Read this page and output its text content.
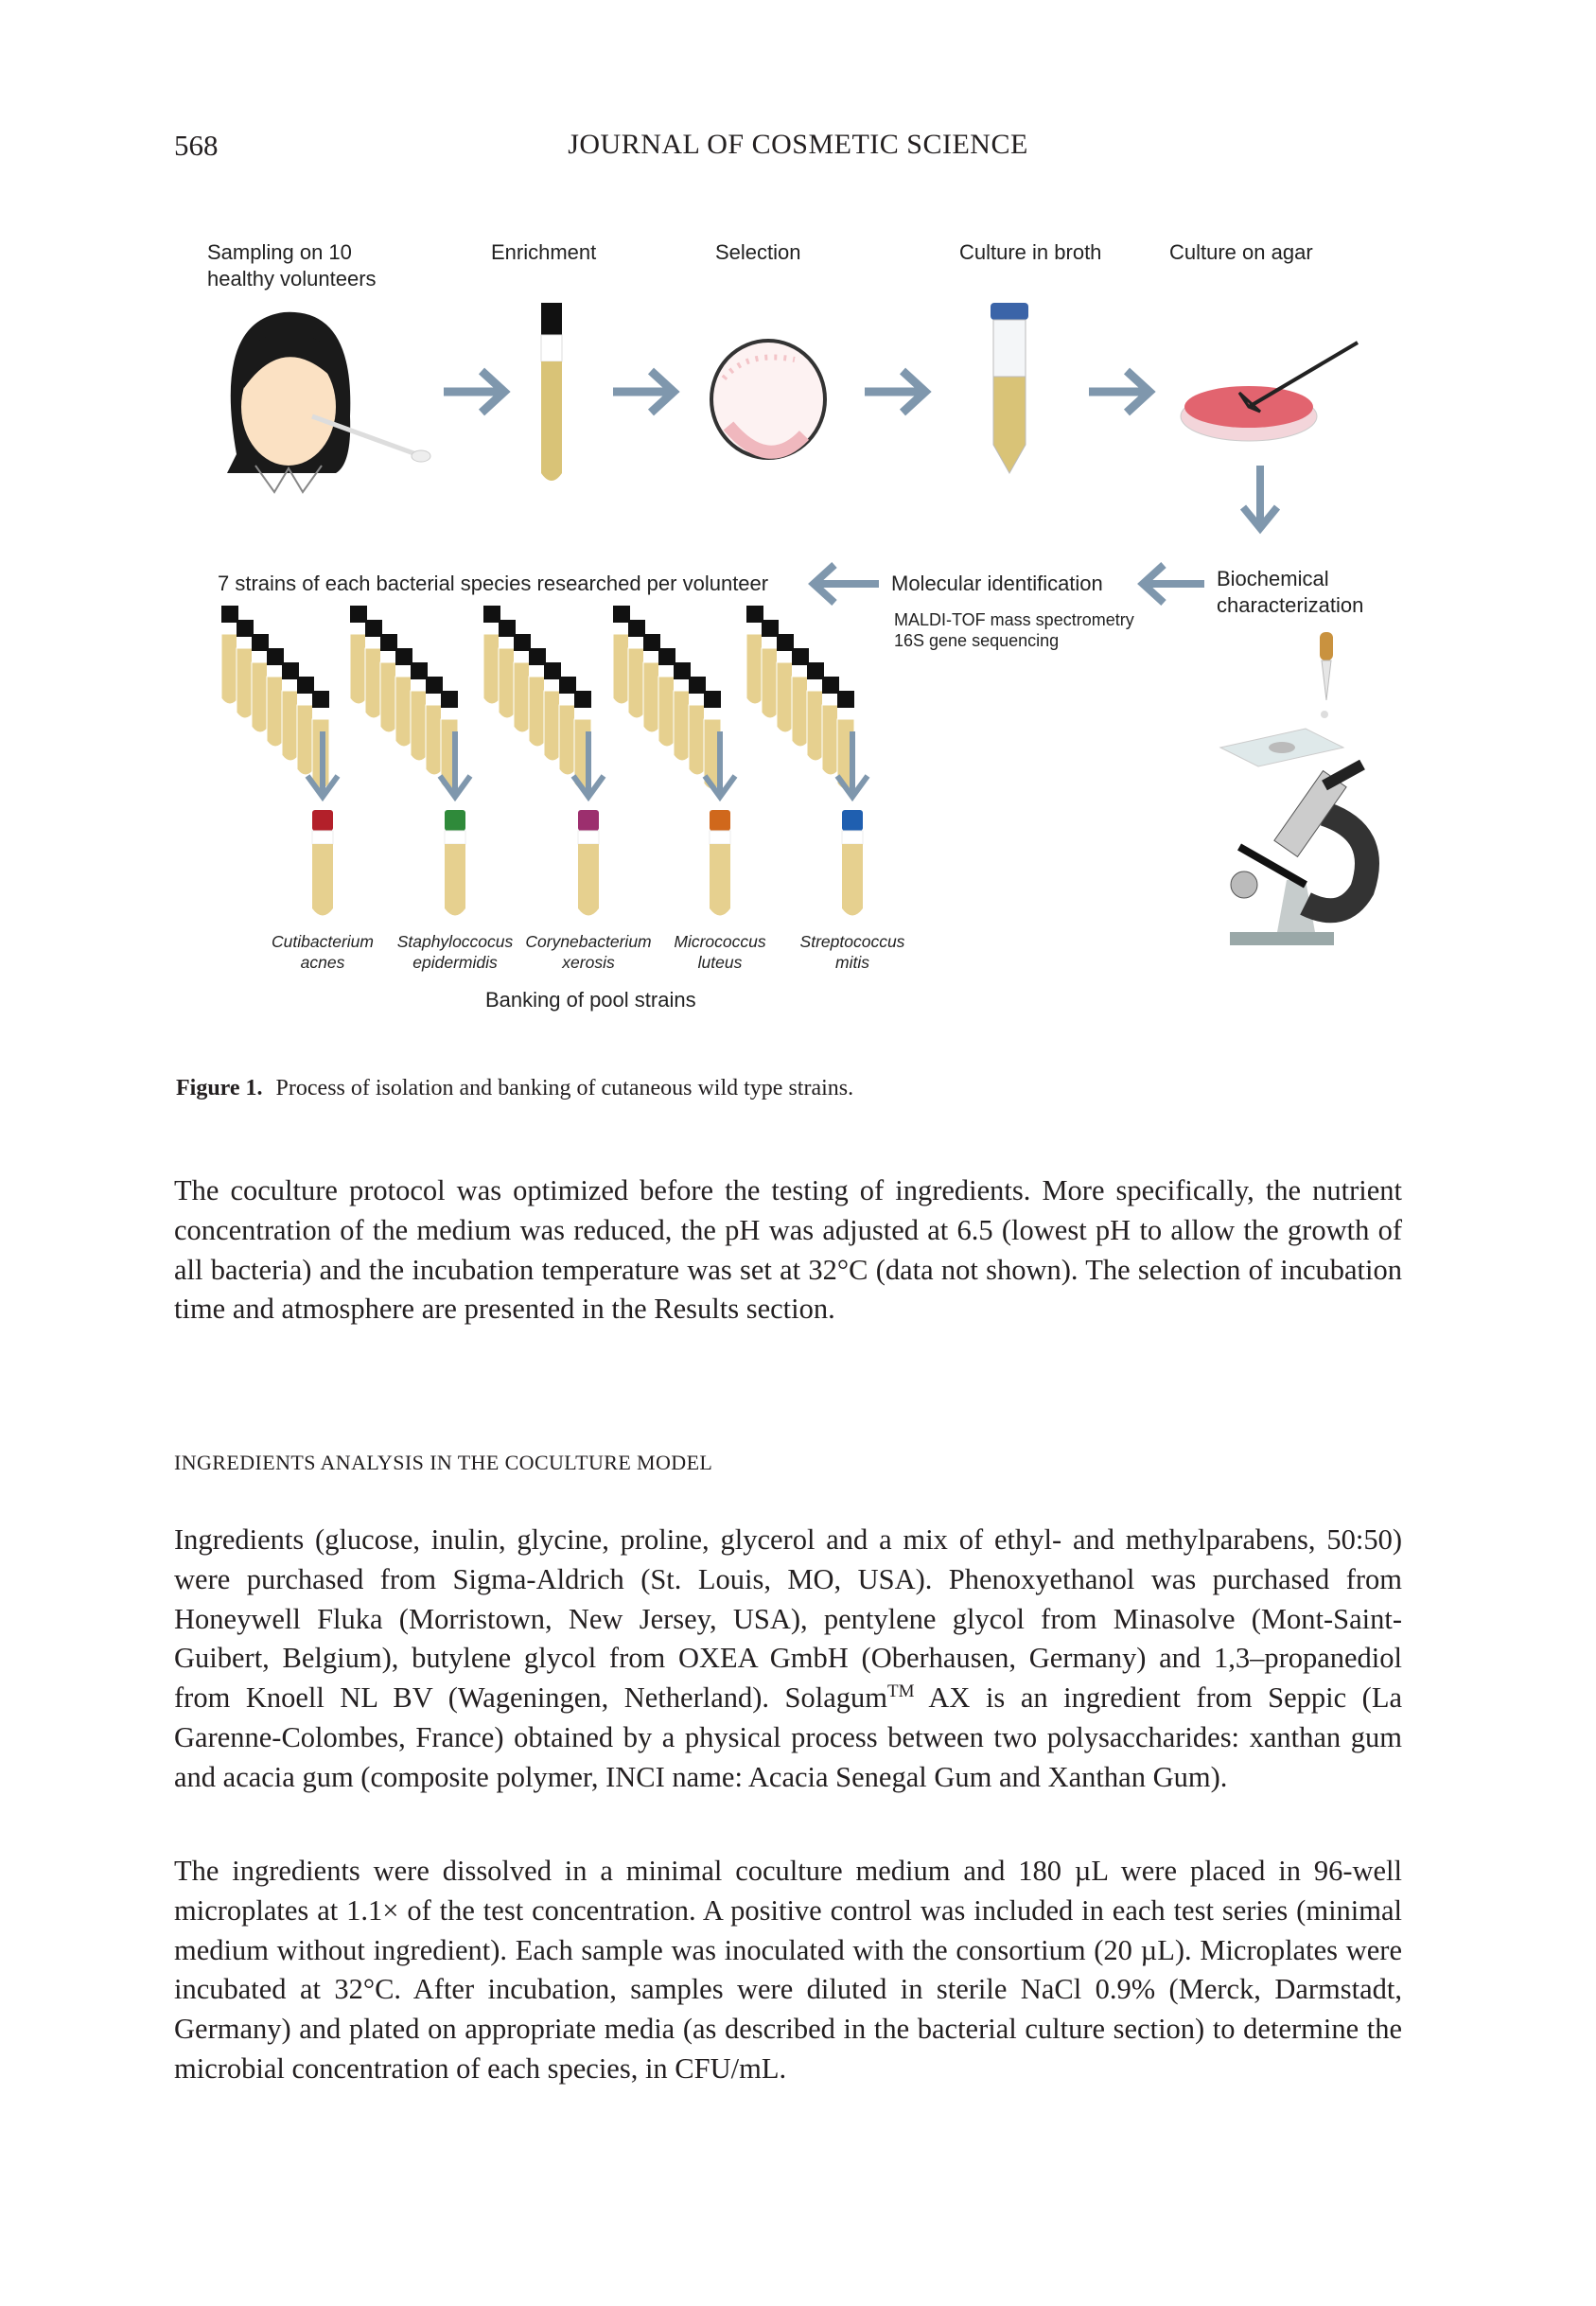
568	JOURNAL OF COSMETIC SCIENCE
Sampling on 10
healthy volunteers
Enrichment	Selection	Culture in broth	Culture on agar
7 strains of each bacterial species researched per volunteer	Molecular identification
MALDI-TOF mass spectrometry
16S gene sequencing
Biochemical
characterization
Cutibacterium
acnes
Staphyloccocus
epidermidis
Corynebacterium
xerosis
Micrococcus
luteus
Streptococcus
mitis
Banking of pool strains
Figure 1. Process of isolation and banking of cutaneous wild type strains.
The coculture protocol was optimized before the testing of ingredients. More specifically, the nutrient concentration of the medium was reduced, the pH was adjusted at 6.5 (lowest pH to allow the growth of all bacteria) and the incubation temperature was set at 32°C (data not shown). The selection of incubation time and atmosphere are presented in the Results section.
INGREDIENTS ANALYSIS IN THE COCULTURE MODEL
Ingredients (glucose, inulin, glycine, proline, glycerol and a mix of ethyl- and methylparabens, 50:50) were purchased from Sigma-Aldrich (St. Louis, MO, USA). Phenoxyethanol was purchased from Honeywell Fluka (Morristown, New Jersey, USA), pentylene glycol from Minasolve (Mont-Saint-Guibert, Belgium), butylene glycol from OXEA GmbH (Oberhausen, Germany) and 1,3–propanediol from Knoell NL BV (Wageningen, Netherland). Solagum™ AX is an ingredient from Seppic (La Garenne-Colombes, France) obtained by a physical process between two polysaccharides: xanthan gum and acacia gum (composite polymer, INCI name: Acacia Senegal Gum and Xanthan Gum).
The ingredients were dissolved in a minimal coculture medium and 180 µL were placed in 96-well microplates at 1.1× of the test concentration. A positive control was included in each test series (minimal medium without ingredient). Each sample was inoculated with the consortium (20 µL). Microplates were incubated at 32°C. After incubation, samples were diluted in sterile NaCl 0.9% (Merck, Darmstadt, Germany) and plated on appropriate media (as described in the bacterial culture section) to determine the microbial concentration of each species, in CFU/mL.
